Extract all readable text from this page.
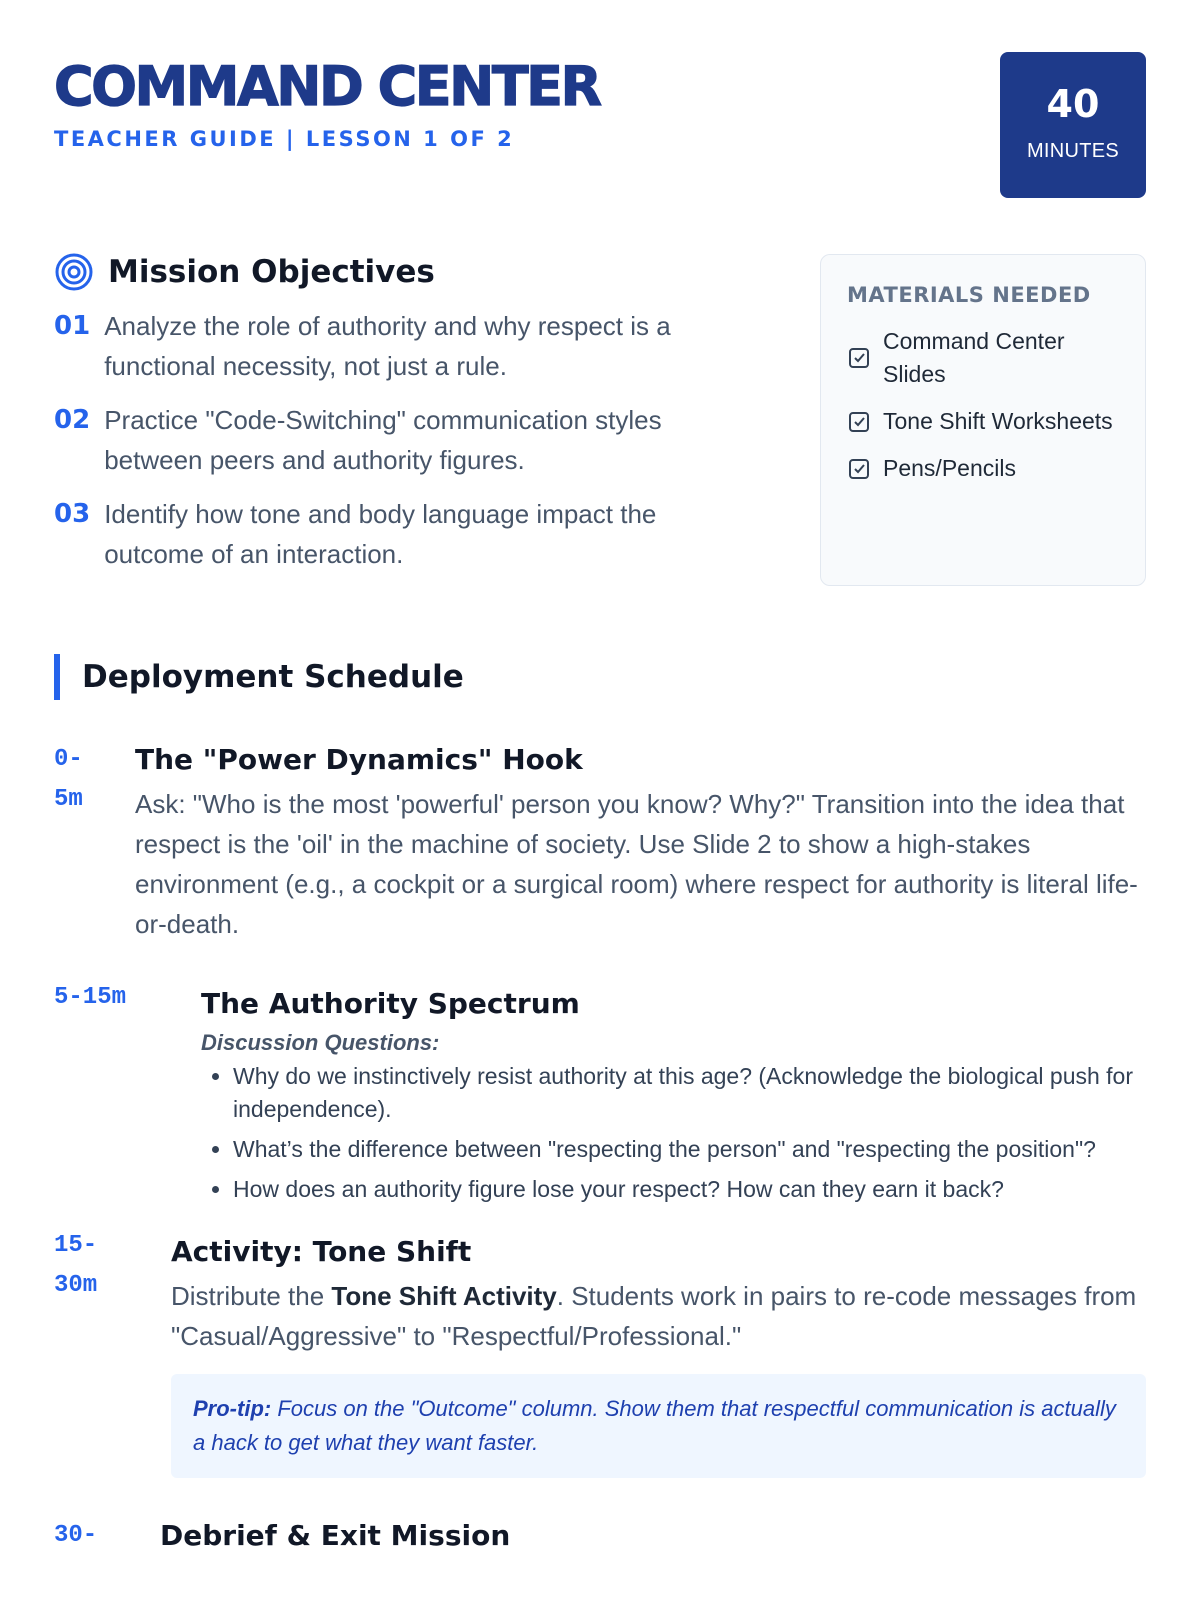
COMMAND CENTER
TEACHER GUIDE | LESSON 1 OF 2
40
MINUTES
Mission Objectives
01 Analyze the role of authority and why respect is a functional necessity, not just a rule.
02 Practice "Code-Switching" communication styles between peers and authority figures.
03 Identify how tone and body language impact the outcome of an interaction.
MATERIALS NEEDED
Command Center Slides
Tone Shift Worksheets
Pens/Pencils
Deployment Schedule
0-5m
The "Power Dynamics" Hook
Ask: "Who is the most 'powerful' person you know? Why?" Transition into the idea that respect is the 'oil' in the machine of society. Use Slide 2 to show a high-stakes environment (e.g., a cockpit or a surgical room) where respect for authority is literal life-or-death.
5-15m	The Authority Spectrum
Discussion Questions:
• Why do we instinctively resist authority at this age? (Acknowledge the biological push for independence).
• What’s the difference between "respecting the person" and "respecting the position"?
• How does an authority figure lose your respect? How can they earn it back?
15-30m
Activity: Tone Shift
Distribute the Tone Shift Activity. Students work in pairs to re-code messages from "Casual/Aggressive" to "Respectful/Professional."
Pro-tip: Focus on the "Outcome" column. Show them that respectful communication is actually a hack to get what they want faster.
30- Debrief & Exit Mission
